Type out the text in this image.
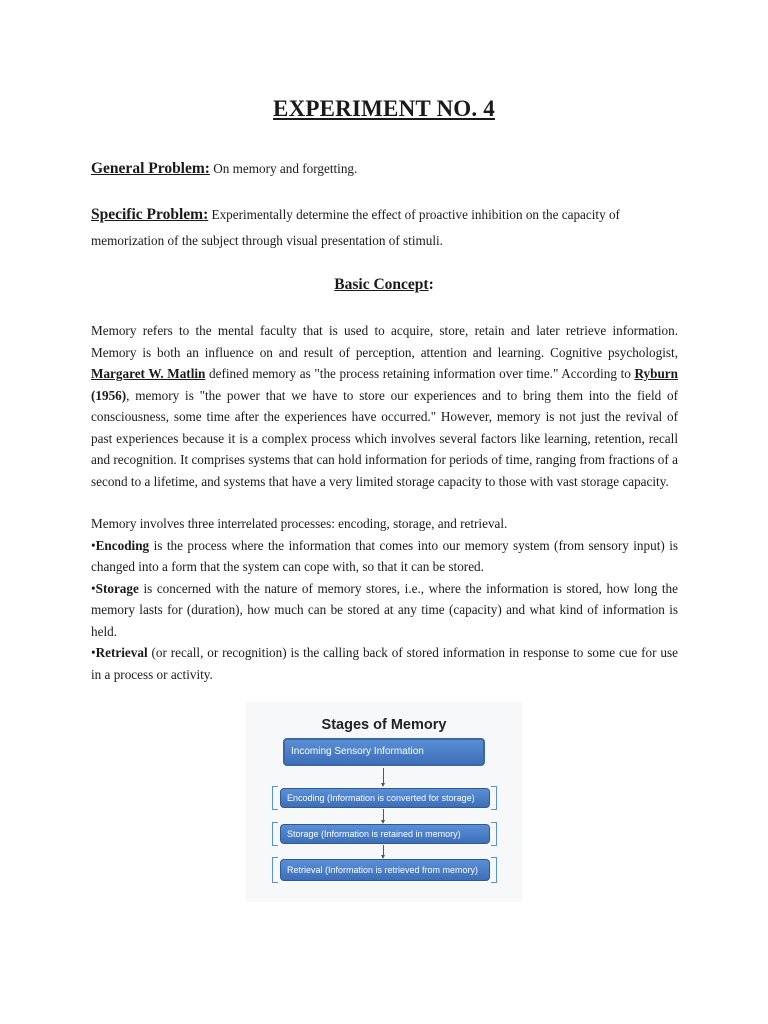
EXPERIMENT NO. 4
General Problem: On memory and forgetting.
Specific Problem: Experimentally determine the effect of proactive inhibition on the capacity of
memorization of the subject through visual presentation of stimuli.
Basic Concept:

Memory refers to the mental faculty that is used to acquire, store, retain and later retrieve information. Memory is both an influence on and result of perception, attention and learning. Cognitive psychologist, Margaret W. Matlin defined memory as "the process retaining information over time." According to Ryburn (1956), memory is "the power that we have to store our experiences and to bring them into the field of consciousness, some time after the experiences have occurred." However, memory is not just the revival of past experiences because it is a complex process which involves several factors like learning, retention, recall and recognition. It comprises systems that can hold information for periods of time, ranging from fractions of a second to a lifetime, and systems that have a very limited storage capacity to those with vast storage capacity.

Memory involves three interrelated processes: encoding, storage, and retrieval.

•Encoding is the process where the information that comes into our memory system (from sensory input) is changed into a form that the system can cope with, so that it can be stored.

•Storage is concerned with the nature of memory stores, i.e., where the information is stored, how long the memory lasts for (duration), how much can be stored at any time (capacity) and what kind of information is held.

•Retrieval (or recall, or recognition) is the calling back of stored information in response to some cue for use in a process or activity.

Stages of Memory
Incoming Sensory Information
Encoding (Information is converted for storage)
Storage (Information is retained in memory)
Retrieval (Information is retrieved from memory)
